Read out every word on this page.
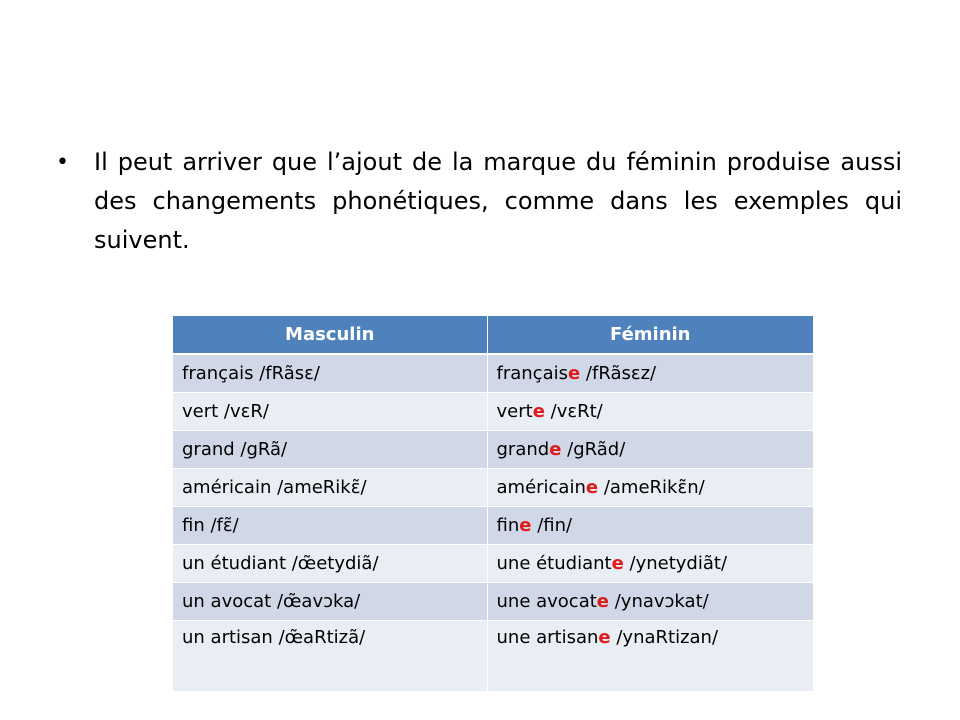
• Il peut arriver que l’ajout de la marque du féminin produise aussi des changements phonétiques, comme dans les exemples qui suivent.
Masculin	Féminin
français /fRãsɛ/	française /fRãsɛz/
vert /vɛR/	verte /vɛRt/
grand /gRã/	grande /gRãd/
américain /ameRikɛ̃/	américaine /ameRikɛ̃n/
fin /fɛ̃/	fine /fin/
un étudiant /œ̃etydiã/	une étudiante /ynetydiãt/
un avocat /œ̃avɔka/	une avocate /ynavɔkat/
un artisan /œ̃aRtizã/	une artisane /ynaRtizan/
